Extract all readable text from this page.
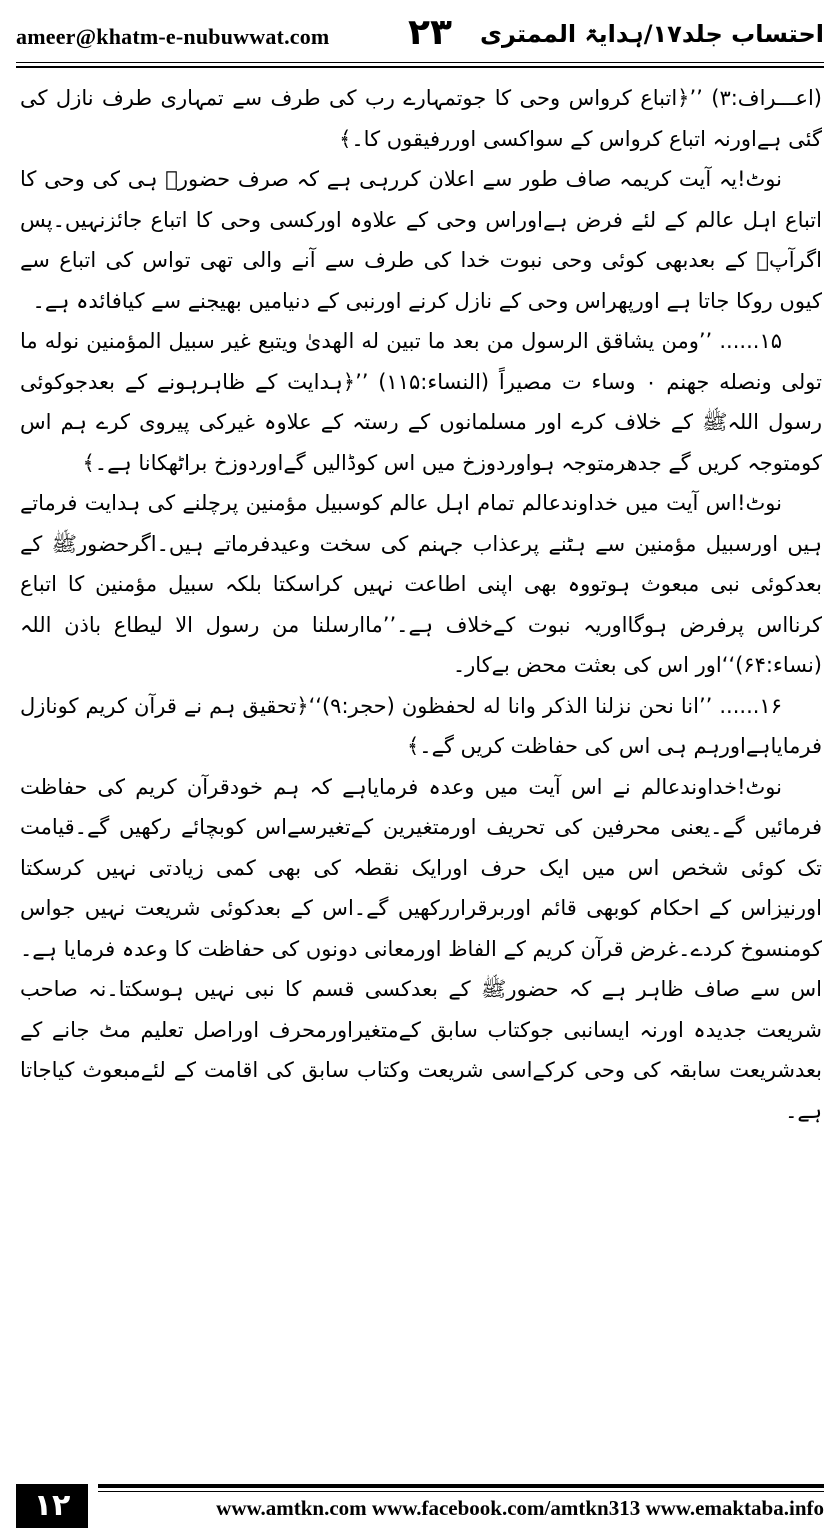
ameer@khatm-e-nubuwwat.com ۲۳ احتساب جلد۱۷/ہدایۃ الممتری

(اعـــراف:۳) ’’﴿اتباع کرواس وحی کا جوتمہارے رب کی طرف سے تمہاری طرف نازل کی گئی ہےاورنہ اتباع کرواس کے سواکسی اوررفیقوں کا۔﴾

نوٹ!یہ آیت کریمہ صاف طور سے اعلان کررہی ہے کہ صرف حضورﷺ ہی کی وحی کا اتباع اہل عالم کے لئے فرض ہےاوراس وحی کے علاوہ اورکسی وحی کا اتباع جائزنہیں۔پس اگرآپؐ کے بعدبھی کوئی وحی نبوت خدا کی طرف سے آنے والی تھی تواس کی اتباع سے کیوں روکا جاتا ہے اورپھراس وحی کے نازل کرنے اورنبی کے دنیامیں بھیجنے سے کیافائدہ ہے۔

۱۵...... ’’ومن یشاقق الرسول من بعد ما تبین له الھدیٰ ویتبع غیر سبیل المؤمنین نوله ما تولی ونصله جھنم ۰ وساء ت مصیراً (النساء:۱۱۵) ’’﴿ہدایت کے ظاہرہونے کے بعدجوکوئی رسول اللہﷺ کے خلاف کرے اور مسلمانوں کے رستہ کے علاوہ غیرکی پیروی کرے ہم اس کومتوجہ کریں گے جدھرمتوجہ ہواوردوزخ میں اس کوڈالیں گےاوردوزخ براٹھکانا ہے۔﴾

نوٹ!اس آیت میں خداوندعالم تمام اہل عالم کوسبیل مؤمنین پرچلنے کی ہدایت فرماتے ہیں اورسبیل مؤمنین سے ہٹنے پرعذاب جہنم کی سخت وعیدفرماتے ہیں۔اگرحضورﷺ کے بعدکوئی نبی مبعوث ہوتووہ بھی اپنی اطاعت نہیں کراسکتا بلکہ سبیل مؤمنین کا اتباع کرنااس پرفرض ہوگااوریہ نبوت کےخلاف ہے۔’’ماارسلنا من رسول الا لیطاع باذن اللہ (نساء:۶۴)‘‘اور اس کی بعثت محض بےکار۔

۱۶...... ’’انا نحن نزلنا الذکر وانا له لحفظون (حجر:۹)‘‘﴿تحقیق ہم نے قرآن کریم کونازل فرمایاہےاورہم ہی اس کی حفاظت کریں گے۔﴾

نوٹ!خداوندعالم نے اس آیت میں وعدہ فرمایاہے کہ ہم خودقرآن کریم کی حفاظت فرمائیں گے۔یعنی محرفین کی تحریف اورمتغیرین کےتغیرسےاس کوبچائے رکھیں گے۔قیامت تک کوئی شخص اس میں ایک حرف اورایک نقطہ کی بھی کمی زیادتی نہیں کرسکتا اورنیزاس کے احکام کوبھی قائم اوربرقراررکھیں گے۔اس کے بعدکوئی شریعت نہیں جواس کومنسوخ کردے۔غرض قرآن کریم کے الفاظ اورمعانی دونوں کی حفاظت کا وعدہ فرمایا ہے۔اس سے صاف ظاہر ہے کہ حضورﷺ کے بعدکسی قسم کا نبی نہیں ہوسکتا۔نہ صاحب شریعت جدیدہ اورنہ ایسانبی جوکتاب سابق کےمتغیراورمحرف اوراصل تعلیم مٹ جانے کے بعدشریعت سابقہ کی وحی کرکےاسی شریعت وکتاب سابق کی اقامت کے لئےمبعوث کیاجاتا ہے۔

۱۲	www.amtkn.com www.facebook.com/amtkn313 www.emaktaba.info
